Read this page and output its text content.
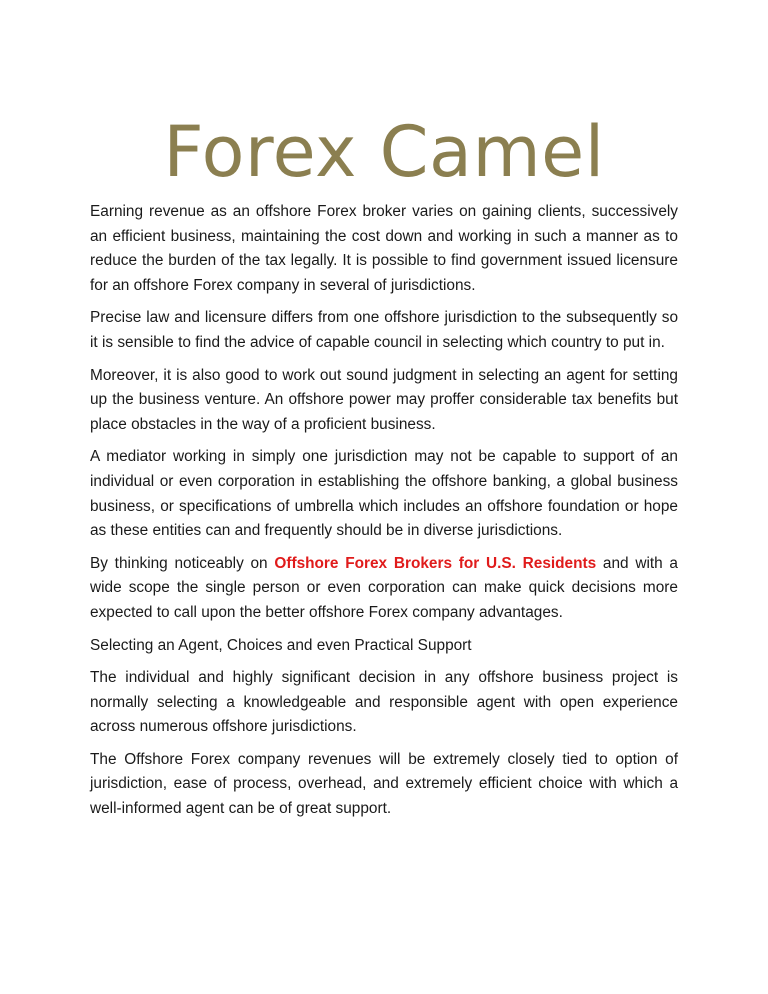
Forex Camel

Earning revenue as an offshore Forex broker varies on gaining clients, successively an efficient business, maintaining the cost down and working in such a manner as to reduce the burden of the tax legally. It is possible to find government issued licensure for an offshore Forex company in several of jurisdictions.

Precise law and licensure differs from one offshore jurisdiction to the subsequently so it is sensible to find the advice of capable council in selecting which country to put in.

Moreover, it is also good to work out sound judgment in selecting an agent for setting up the business venture. An offshore power may proffer considerable tax benefits but place obstacles in the way of a proficient business.

A mediator working in simply one jurisdiction may not be capable to support of an individual or even corporation in establishing the offshore banking, a global business business, or specifications of umbrella which includes an offshore foundation or hope as these entities can and frequently should be in diverse jurisdictions.

By thinking noticeably on Offshore Forex Brokers for U.S. Residents and with a wide scope the single person or even corporation can make quick decisions more expected to call upon the better offshore Forex company advantages.

Selecting an Agent, Choices and even Practical Support

The individual and highly significant decision in any offshore business project is normally selecting a knowledgeable and responsible agent with open experience across numerous offshore jurisdictions.

The Offshore Forex company revenues will be extremely closely tied to option of jurisdiction, ease of process, overhead, and extremely efficient choice with which a well-informed agent can be of great support.
